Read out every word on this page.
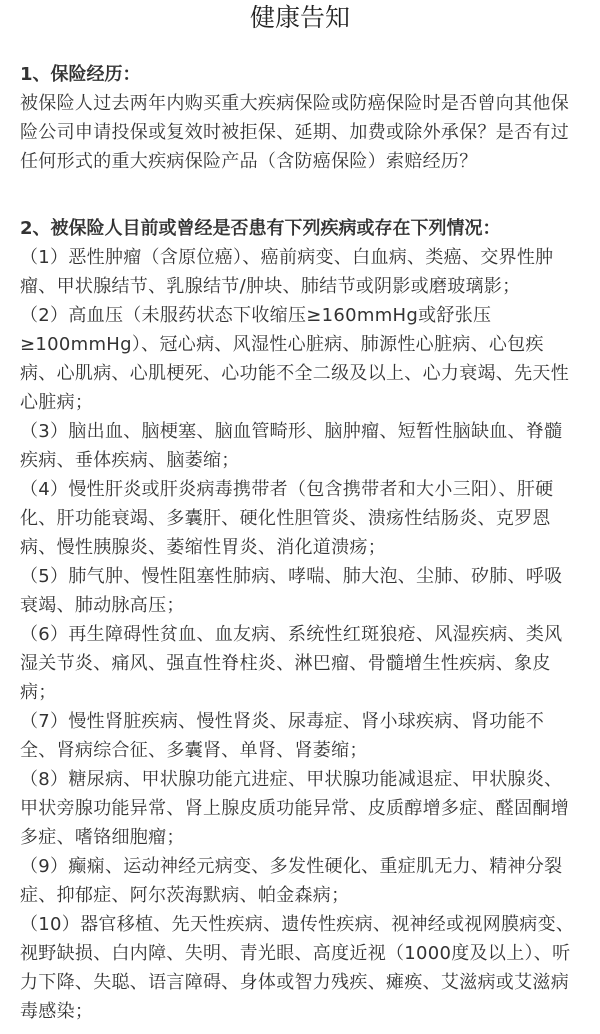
健康告知
1、保险经历：
被保险人过去两年内购买重大疾病保险或防癌保险时是否曾向其他保险公司申请投保或复效时被拒保、延期、加费或除外承保？是否有过任何形式的重大疾病保险产品（含防癌保险）索赔经历？
2、被保险人目前或曾经是否患有下列疾病或存在下列情况：
（1）恶性肿瘤（含原位癌）、癌前病变、白血病、类癌、交界性肿瘤、甲状腺结节、乳腺结节/肿块、肺结节或阴影或磨玻璃影；
（2）高血压（未服药状态下收缩压≥160mmHg或舒张压≥100mmHg）、冠心病、风湿性心脏病、肺源性心脏病、心包疾病、心肌病、心肌梗死、心功能不全二级及以上、心力衰竭、先天性心脏病；
（3）脑出血、脑梗塞、脑血管畸形、脑肿瘤、短暂性脑缺血、脊髓疾病、垂体疾病、脑萎缩；
（4）慢性肝炎或肝炎病毒携带者（包含携带者和大小三阳）、肝硬化、肝功能衰竭、多囊肝、硬化性胆管炎、溃疡性结肠炎、克罗恩病、慢性胰腺炎、萎缩性胃炎、消化道溃疡；
（5）肺气肿、慢性阻塞性肺病、哮喘、肺大泡、尘肺、矽肺、呼吸衰竭、肺动脉高压；
（6）再生障碍性贫血、血友病、系统性红斑狼疮、风湿疾病、类风湿关节炎、痛风、强直性脊柱炎、淋巴瘤、骨髓增生性疾病、象皮病；
（7）慢性肾脏疾病、慢性肾炎、尿毒症、肾小球疾病、肾功能不全、肾病综合征、多囊肾、单肾、肾萎缩；
（8）糖尿病、甲状腺功能亢进症、甲状腺功能减退症、甲状腺炎、甲状旁腺功能异常、肾上腺皮质功能异常、皮质醇增多症、醛固酮增多症、嗜铬细胞瘤；
（9）癫痫、运动神经元病变、多发性硬化、重症肌无力、精神分裂症、抑郁症、阿尔茨海默病、帕金森病；
（10）器官移植、先天性疾病、遗传性疾病、视神经或视网膜病变、视野缺损、白内障、失明、青光眼、高度近视（1000度及以上）、听力下降、失聪、语言障碍、身体或智力残疾、瘫痪、艾滋病或艾滋病毒感染；
